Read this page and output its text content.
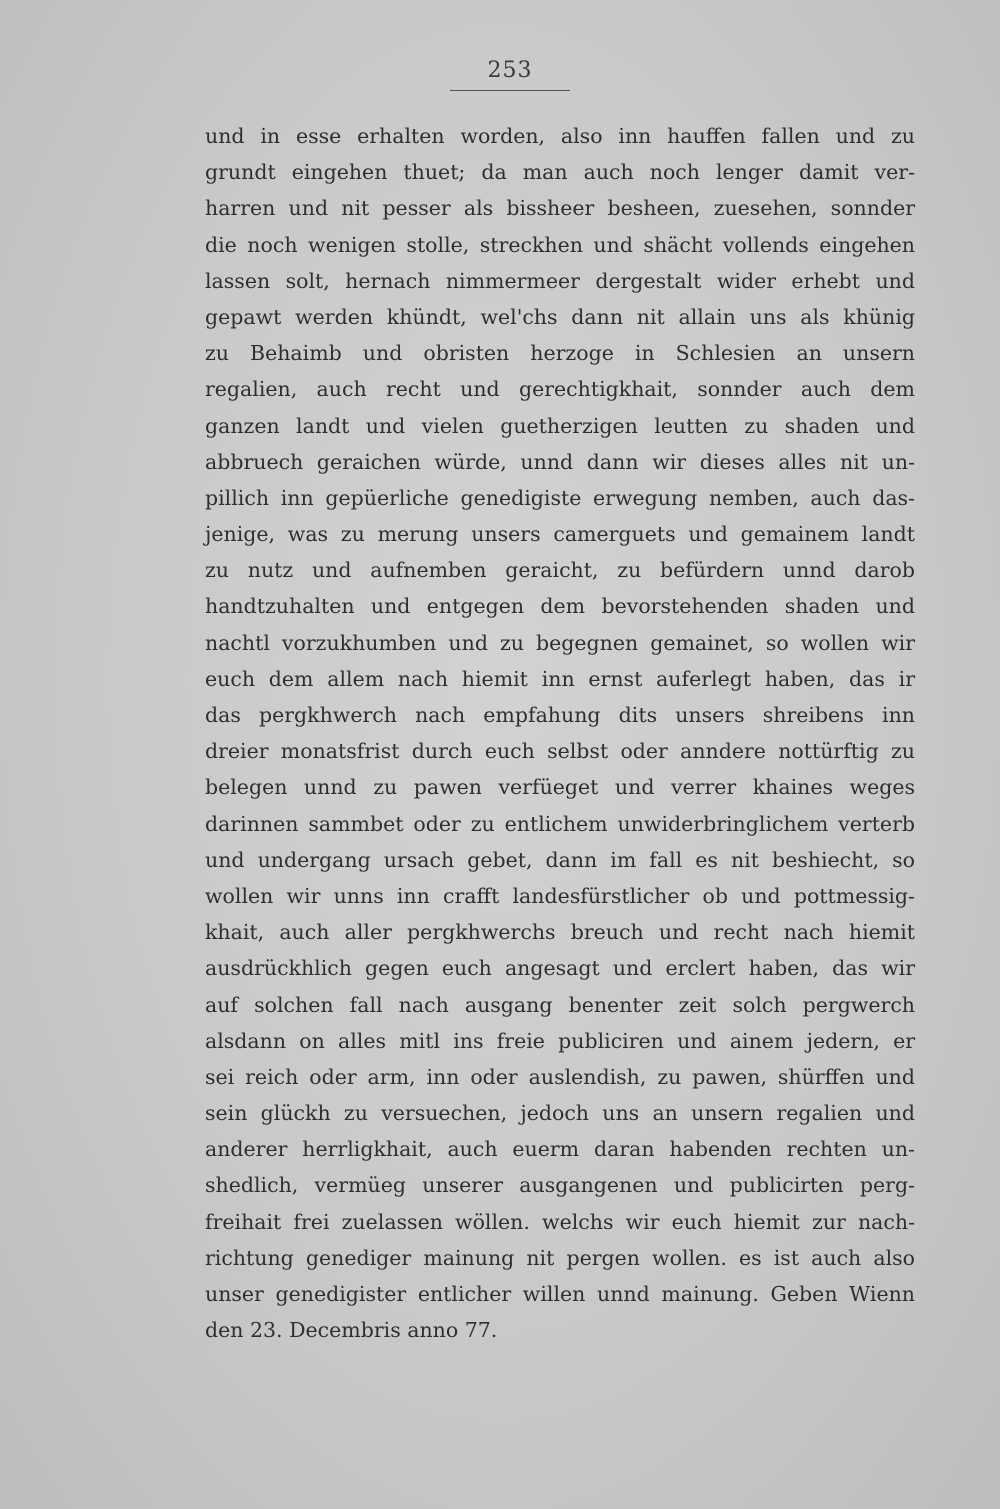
253
und in esse erhalten worden, also inn hauffen fallen und zu
grundt eingehen thuet; da man auch noch lenger damit ver-
harren und nit pesser als bissheer besheen, zuesehen, sonnder
die noch wenigen stolle, streckhen und shächt vollends eingehen
lassen solt, hernach nimmermeer dergestalt wider erhebt und
gepawt werden khündt, wel'chs dann nit allain uns als khünig
zu Behaimb und obristen herzoge in Schlesien an unsern
regalien, auch recht und gerechtigkhait, sonnder auch dem
ganzen landt und vielen guetherzigen leutten zu shaden und
abbruech geraichen würde, unnd dann wir dieses alles nit un-
pillich inn gepüerliche genedigiste erwegung nemben, auch das-
jenige, was zu merung unsers camerguets und gemainem landt
zu nutz und aufnemben geraicht, zu befürdern unnd darob
handtzuhalten und entgegen dem bevorstehenden shaden und
nachtl vorzukhumben und zu begegnen gemainet, so wollen wir
euch dem allem nach hiemit inn ernst auferlegt haben, das ir
das pergkhwerch nach empfahung dits unsers shreibens inn
dreier monatsfrist durch euch selbst oder anndere nottürftig zu
belegen unnd zu pawen verfüeget und verrer khaines weges
darinnen sammbet oder zu entlichem unwiderbringlichem verterb
und undergang ursach gebet, dann im fall es nit beshiecht, so
wollen wir unns inn crafft landesfürstlicher ob und pottmessig-
khait, auch aller pergkhwerchs breuch und recht nach hiemit
ausdrückhlich gegen euch angesagt und erclert haben, das wir
auf solchen fall nach ausgang benenter zeit solch pergwerch
alsdann on alles mitl ins freie publiciren und ainem jedern, er
sei reich oder arm, inn oder auslendish, zu pawen, shürffen und
sein glückh zu versuechen, jedoch uns an unsern regalien und
anderer herrligkhait, auch euerm daran habenden rechten un-
shedlich, vermüeg unserer ausgangenen und publicirten perg-
freihait frei zuelassen wöllen. welchs wir euch hiemit zur nach-
richtung genediger mainung nit pergen wollen. es ist auch also
unser genedigister entlicher willen unnd mainung. Geben Wienn
den 23. Decembris anno 77.
